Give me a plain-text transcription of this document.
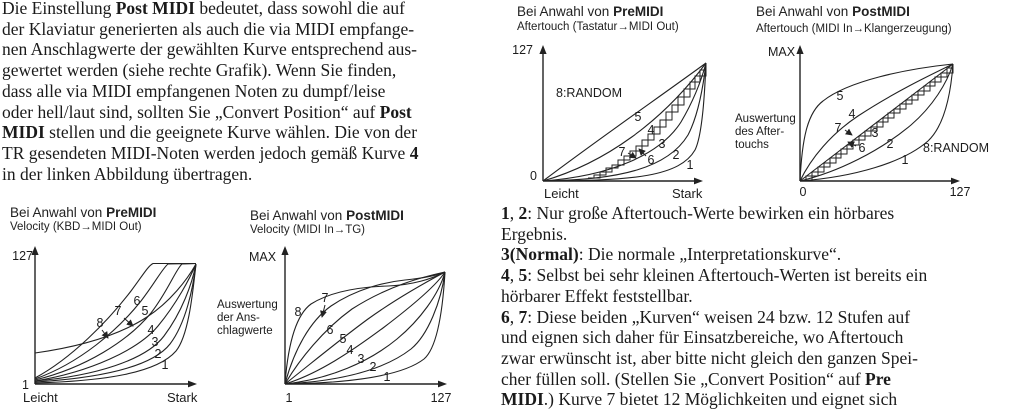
Die Einstellung Post MIDI bedeutet, dass sowohl die auf
der Klaviatur generierten als auch die via MIDI empfange-
nen Anschlagwerte der gewählten Kurve entsprechend aus-
gewertet werden (siehe rechte Grafik). Wenn Sie finden,
dass alle via MIDI empfangenen Noten zu dumpf/leise
oder hell/laut sind, sollten Sie „Convert Position“ auf Post
MIDI stellen und die geeignete Kurve wählen. Die von der
TR gesendeten MIDI-Noten werden jedoch gemäß Kurve 4
in der linken Abbildung übertragen.
1, 2: Nur große Aftertouch-Werte bewirken ein hörbares
Ergebnis.
3(Normal): Die normale „Interpretationskurve“.
4, 5: Selbst bei sehr kleinen Aftertouch-Werten ist bereits ein
hörbarer Effekt feststellbar.
6, 7: Diese beiden „Kurven“ weisen 24 bzw. 12 Stufen auf
und eignen sich daher für Einsatzbereiche, wo Aftertouch
zwar erwünscht ist, aber bitte nicht gleich den ganzen Spei-
cher füllen soll. (Stellen Sie „Convert Position“ auf Pre
MIDI.) Kurve 7 bietet 12 Möglichkeiten und eignet sich
Bei Anwahl von PreMIDI
Velocity (KBD→MIDI Out)
Bei Anwahl von PostMIDI
Velocity (MIDI In→TG)
Bei Anwahl von PreMIDI
Aftertouch (Tastatur→MIDI Out)
Bei Anwahl von PostMIDI
Aftertouch (MIDI In→Klangerzeugung)
127
1
Leicht	Stark
8
7
6
5
4
3
2
1
MAX
1	127
Auswertung
der Ans-
chlagwerte
7
8
6
5
4
3
2
1
127
0
Leicht	Stark
8:RANDOM
5
4
3
2
1
7
6
MAX
0	127
8:RANDOM
Auswertung
des After-
touchs
5
4
7 3
6 2
1
